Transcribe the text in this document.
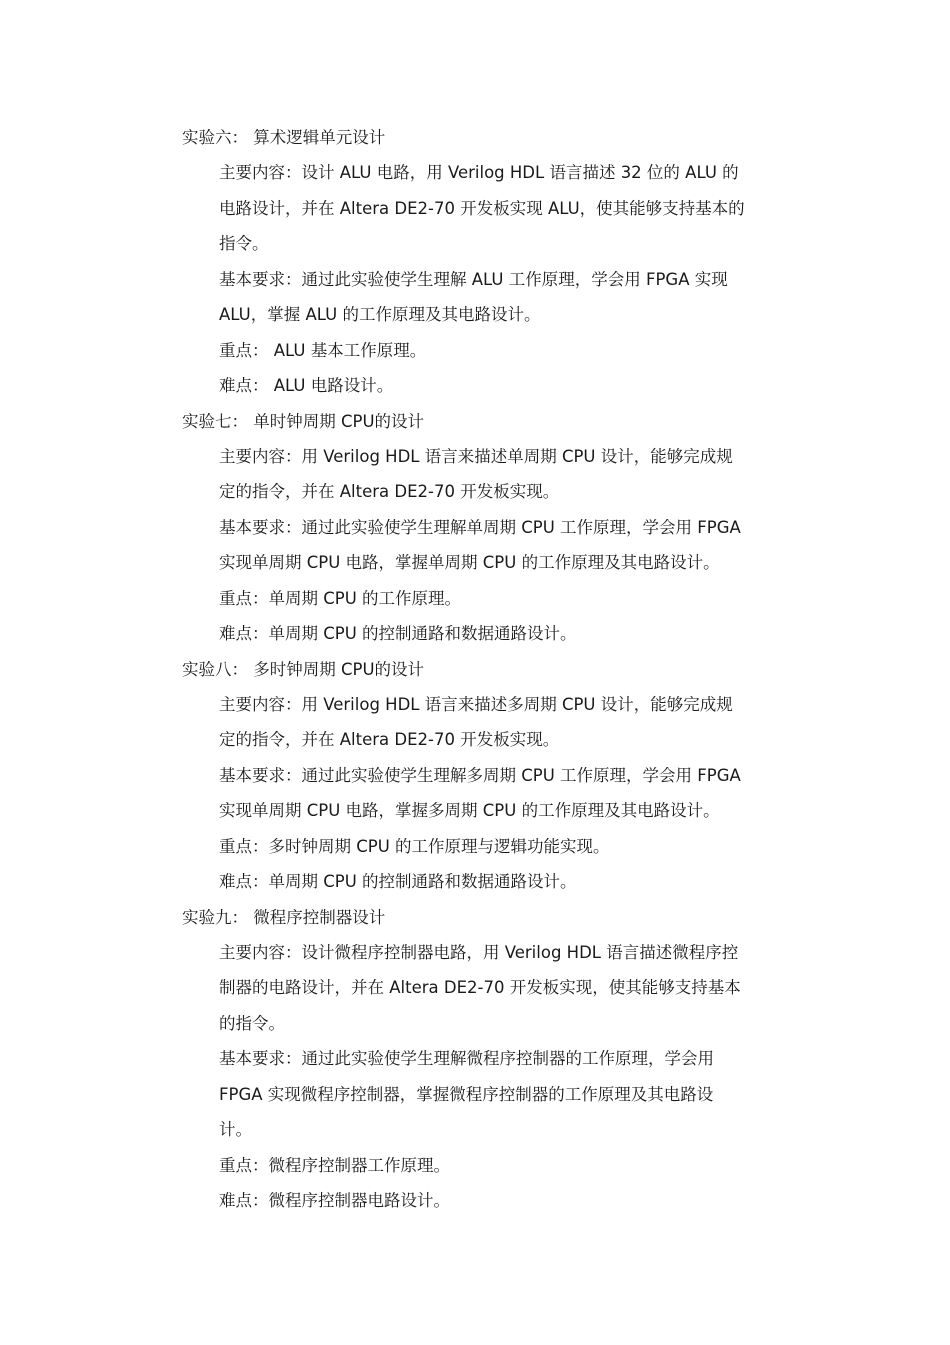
实验六： 算术逻辑单元设计
主要内容：设计 ALU 电路，用 Verilog HDL 语言描述 32 位的 ALU 的
电路设计，并在 Altera DE2-70 开发板实现 ALU，使其能够支持基本的
指令。
基本要求：通过此实验使学生理解 ALU 工作原理，学会用 FPGA 实现
ALU，掌握 ALU 的工作原理及其电路设计。
重点： ALU 基本工作原理。
难点： ALU 电路设计。
实验七： 单时钟周期 CPU的设计
主要内容：用 Verilog HDL 语言来描述单周期 CPU 设计，能够完成规
定的指令，并在 Altera DE2-70 开发板实现。
基本要求：通过此实验使学生理解单周期 CPU 工作原理，学会用 FPGA
实现单周期 CPU 电路，掌握单周期 CPU 的工作原理及其电路设计。
重点：单周期 CPU 的工作原理。
难点：单周期 CPU 的控制通路和数据通路设计。
实验八： 多时钟周期 CPU的设计
主要内容：用 Verilog HDL 语言来描述多周期 CPU 设计，能够完成规
定的指令，并在 Altera DE2-70 开发板实现。
基本要求：通过此实验使学生理解多周期 CPU 工作原理，学会用 FPGA
实现单周期 CPU 电路，掌握多周期 CPU 的工作原理及其电路设计。
重点：多时钟周期 CPU 的工作原理与逻辑功能实现。
难点：单周期 CPU 的控制通路和数据通路设计。
实验九： 微程序控制器设计
主要内容：设计微程序控制器电路，用 Verilog HDL 语言描述微程序控
制器的电路设计，并在 Altera DE2-70 开发板实现，使其能够支持基本
的指令。
基本要求：通过此实验使学生理解微程序控制器的工作原理，学会用
FPGA 实现微程序控制器，掌握微程序控制器的工作原理及其电路设
计。
重点：微程序控制器工作原理。
难点：微程序控制器电路设计。
